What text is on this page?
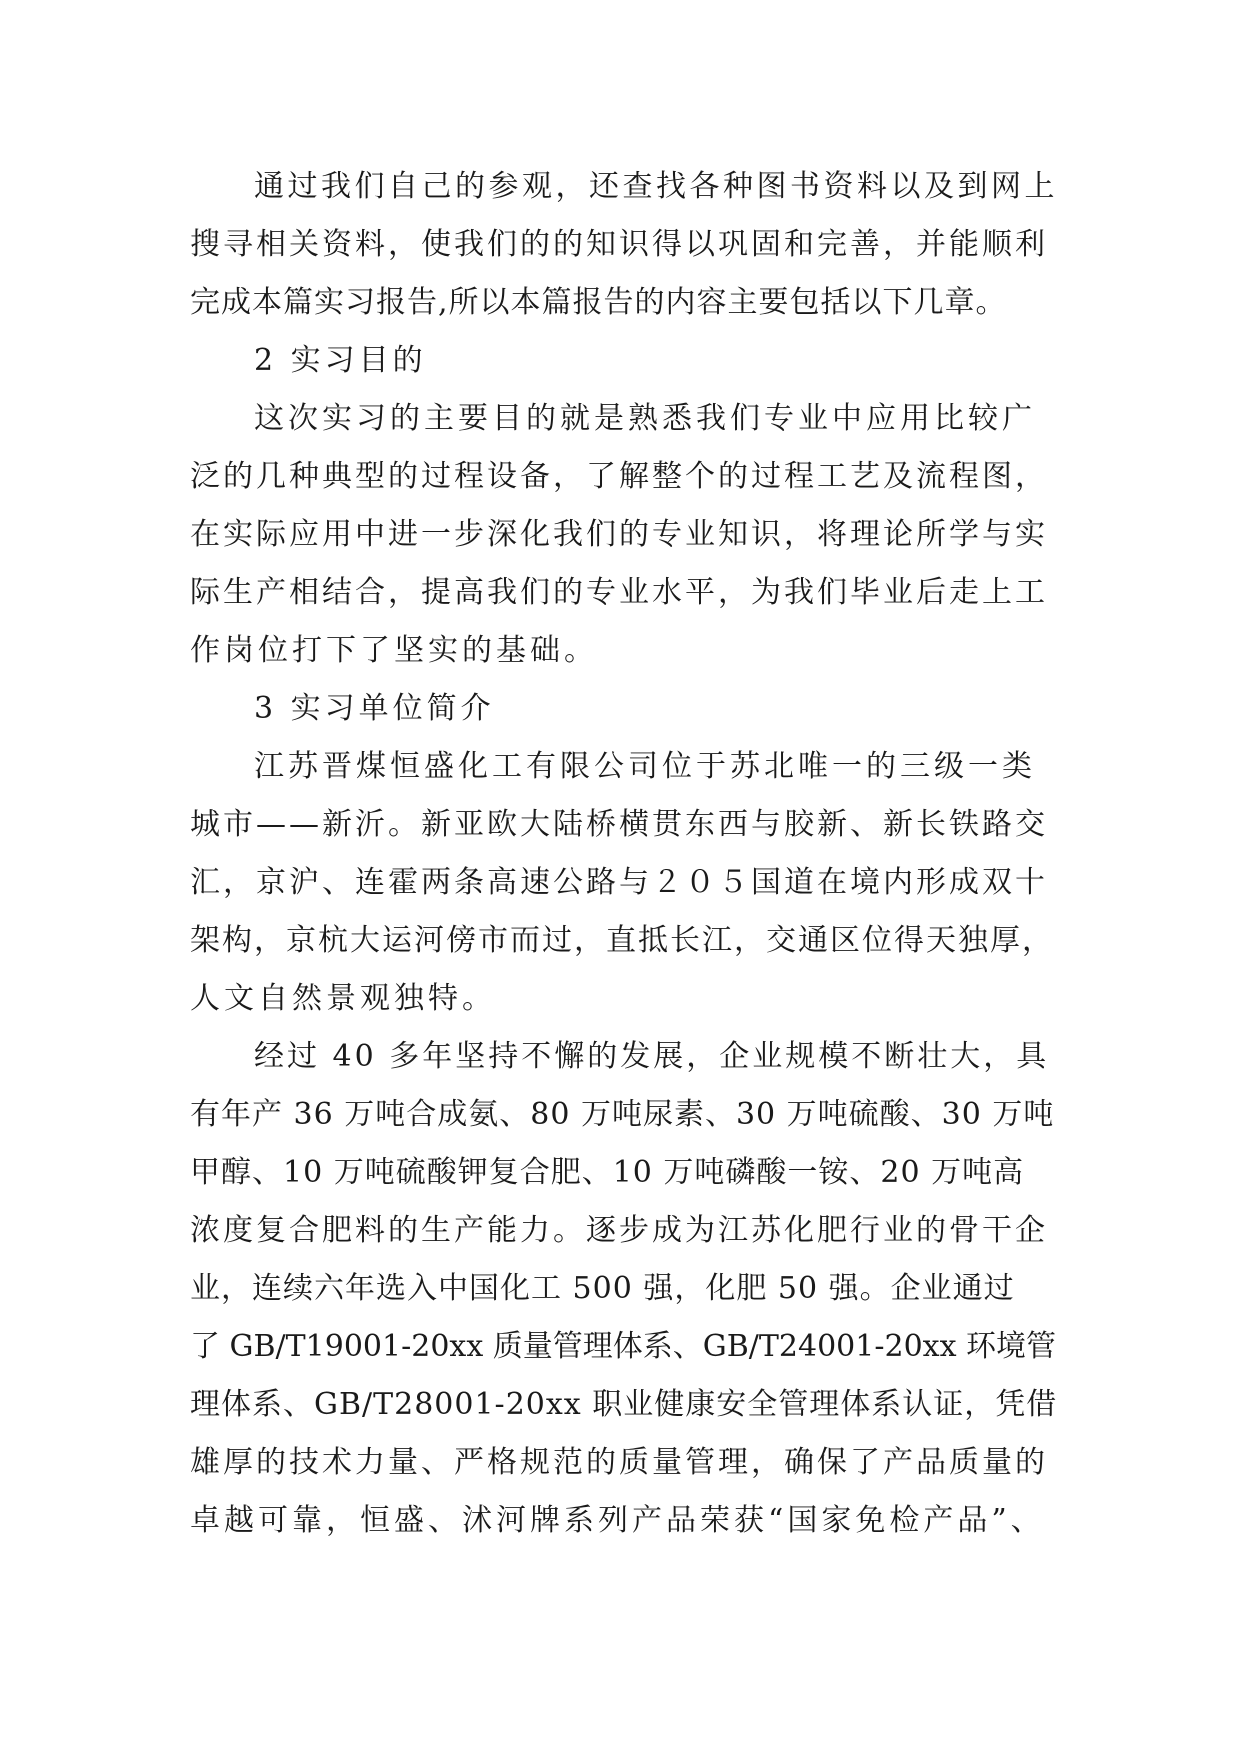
通过我们自己的参观，还查找各种图书资料以及到网上
搜寻相关资料，使我们的的知识得以巩固和完善，并能顺利
完成本篇实习报告,所以本篇报告的内容主要包括以下几章。
2 实习目的
这次实习的主要目的就是熟悉我们专业中应用比较广
泛的几种典型的过程设备，了解整个的过程工艺及流程图，
在实际应用中进一步深化我们的专业知识，将理论所学与实
际生产相结合，提高我们的专业水平，为我们毕业后走上工
作岗位打下了坚实的基础。
3 实习单位简介
江苏晋煤恒盛化工有限公司位于苏北唯一的三级一类
城市——新沂。新亚欧大陆桥横贯东西与胶新、新长铁路交
汇，京沪、连霍两条高速公路与２０５国道在境内形成双十
架构，京杭大运河傍市而过，直抵长江，交通区位得天独厚，
人文自然景观独特。
经过 40 多年坚持不懈的发展，企业规模不断壮大，具
有年产 36 万吨合成氨、80 万吨尿素、30 万吨硫酸、30 万吨
甲醇、10 万吨硫酸钾复合肥、10 万吨磷酸一铵、20 万吨高
浓度复合肥料的生产能力。逐步成为江苏化肥行业的骨干企
业，连续六年选入中国化工 500 强，化肥 50 强。企业通过
了 GB/T19001-20xx 质量管理体系、GB/T24001-20xx 环境管
理体系、GB/T28001-20xx 职业健康安全管理体系认证，凭借
雄厚的技术力量、严格规范的质量管理，确保了产品质量的
卓越可靠，恒盛、沭河牌系列产品荣获“国家免检产品”、
